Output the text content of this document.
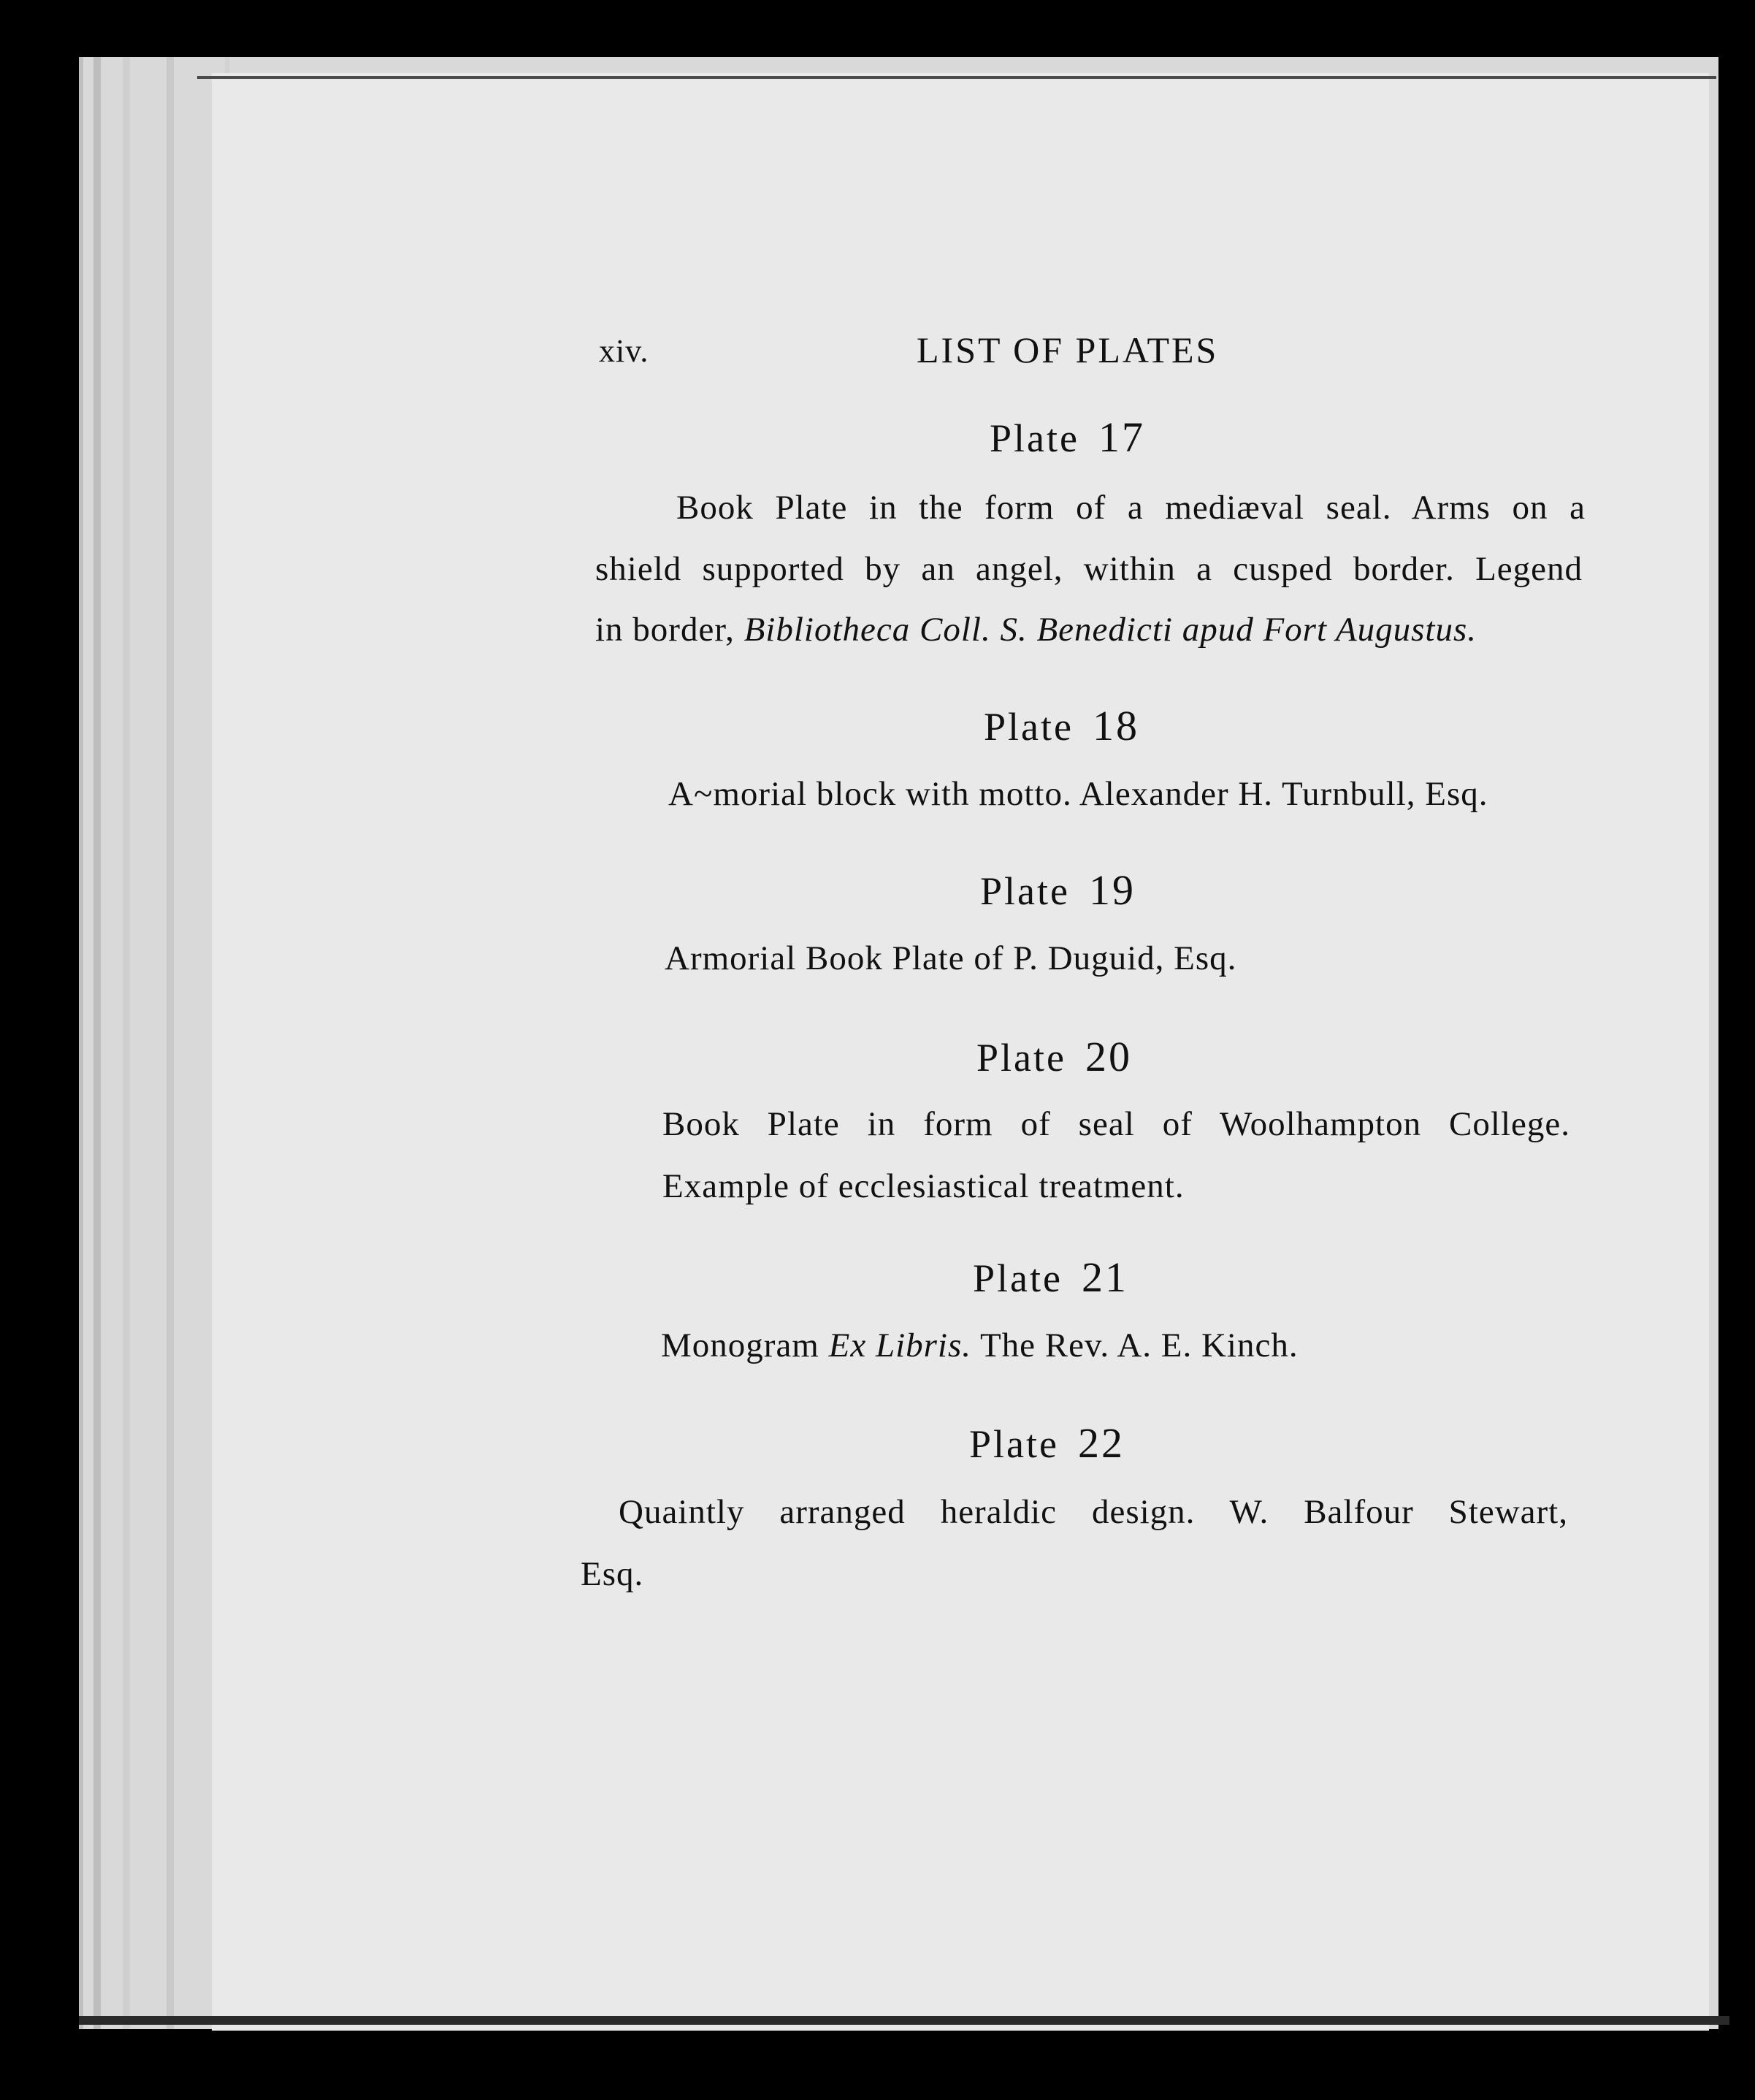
xiv.	LIST OF PLATES
Plate 17
Book Plate in the form of a mediæval seal. Arms on a
shield supported by an angel, within a cusped border. Legend
in border, Bibliotheca Coll. S. Benedicti apud Fort Augustus.
Plate 18
A~morial block with motto. Alexander H. Turnbull, Esq.
Plate 19
Armorial Book Plate of P. Duguid, Esq.
Plate 20
Book Plate in form of seal of Woolhampton College.
Example of ecclesiastical treatment.
Plate 21
Monogram Ex Libris. The Rev. A. E. Kinch.
Plate 22
Quaintly arranged heraldic design. W. Balfour Stewart,
Esq.
